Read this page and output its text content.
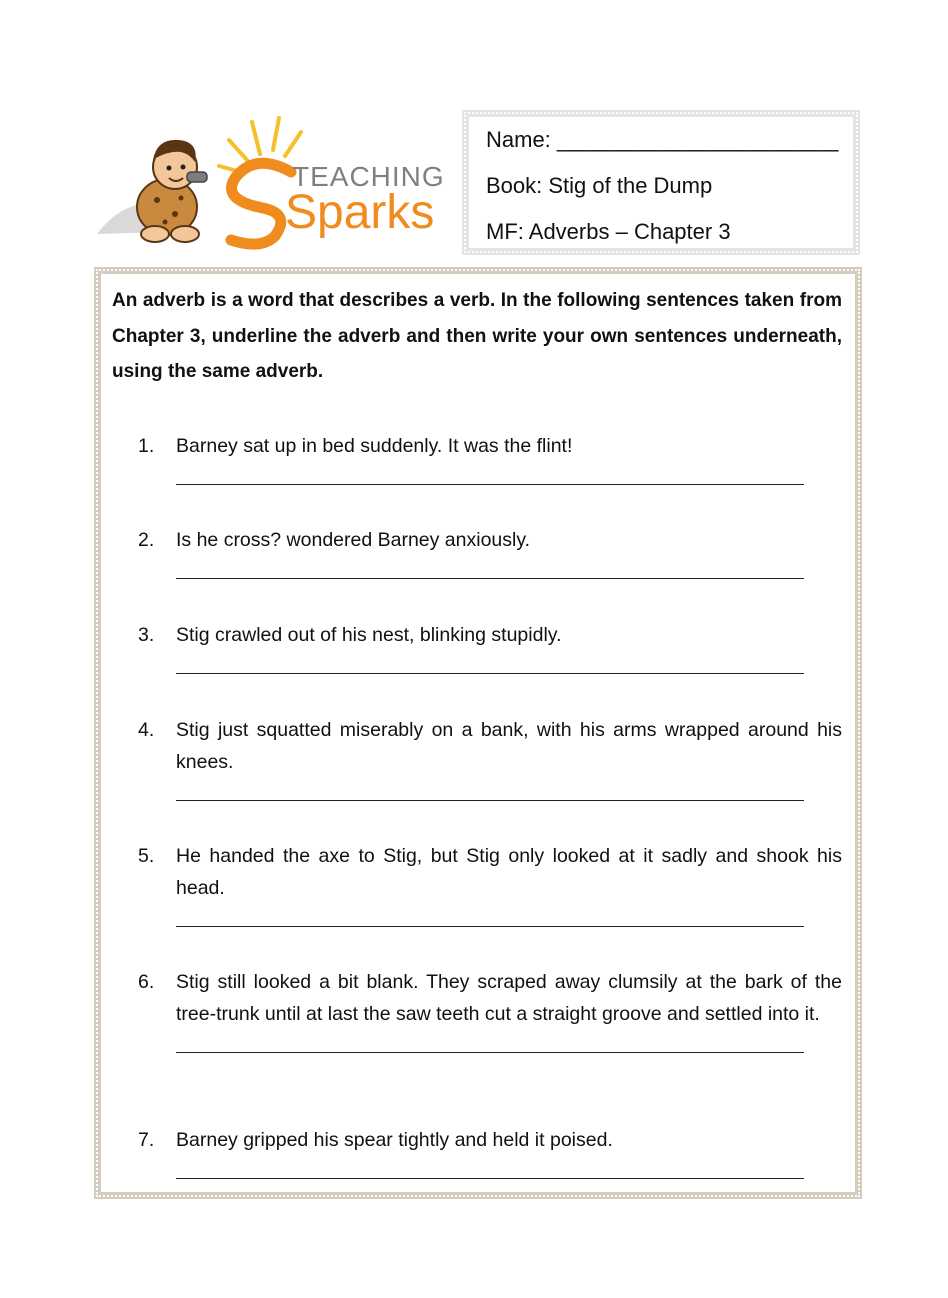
TEACHING
Sparks
Name: _______________________
Book: Stig of the Dump
MF: Adverbs – Chapter 3
An adverb is a word that describes a verb. In the following sentences taken from Chapter 3, underline the adverb and then write your own sentences underneath, using the same adverb.
1.	Barney sat up in bed suddenly. It was the flint!
2.	Is he cross? wondered Barney anxiously.
3.	Stig crawled out of his nest, blinking stupidly.
4.	Stig just squatted miserably on a bank, with his arms wrapped around his knees.
5.	He handed the axe to Stig, but Stig only looked at it sadly and shook his head.
6.	Stig still looked a bit blank. They scraped away clumsily at the bark of the tree-trunk until at last the saw teeth cut a straight groove and settled into it.
7.	Barney gripped his spear tightly and held it poised.
